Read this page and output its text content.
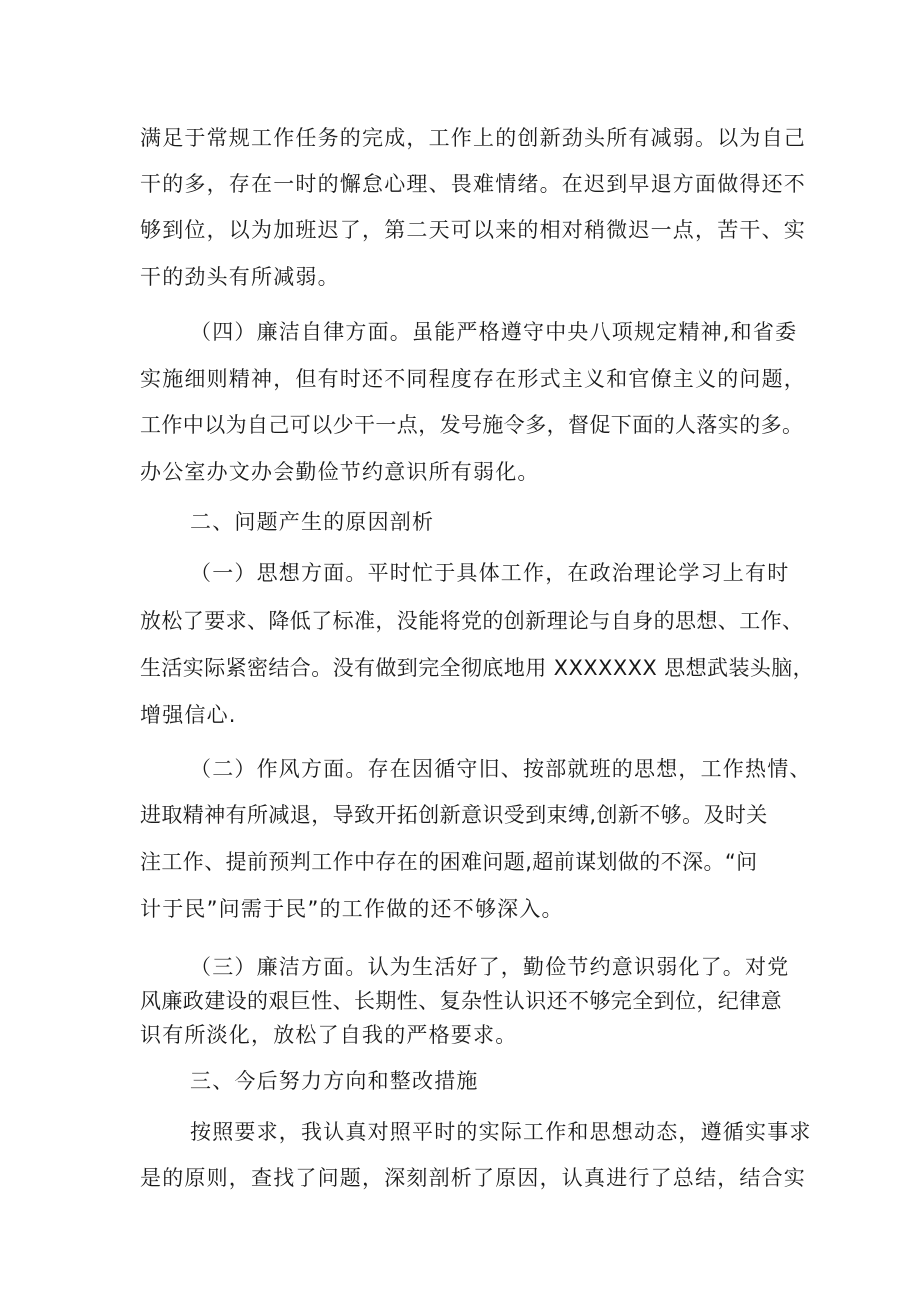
满足于常规工作任务的完成，工作上的创新劲头所有减弱。以为自己
干的多，存在一时的懈怠心理、畏难情绪。在迟到早退方面做得还不
够到位，以为加班迟了，第二天可以来的相对稍微迟一点，苦干、实
干的劲头有所减弱。
（四）廉洁自律方面。虽能严格遵守中央八项规定精神,和省委
实施细则精神，但有时还不同程度存在形式主义和官僚主义的问题，
工作中以为自己可以少干一点，发号施令多，督促下面的人落实的多。
办公室办文办会勤俭节约意识所有弱化。
二、问题产生的原因剖析
（一）思想方面。平时忙于具体工作，在政治理论学习上有时
放松了要求、降低了标准，没能将党的创新理论与自身的思想、工作、
生活实际紧密结合。没有做到完全彻底地用 XXXXXXX 思想武装头脑，
增强信心.
（二）作风方面。存在因循守旧、按部就班的思想，工作热情、
进取精神有所减退，导致开拓创新意识受到束缚,创新不够。及时关
注工作、提前预判工作中存在的困难问题,超前谋划做的不深。“问
计于民”问需于民”的工作做的还不够深入。
（三）廉洁方面。认为生活好了，勤俭节约意识弱化了。对党
风廉政建设的艰巨性、长期性、复杂性认识还不够完全到位，纪律意
识有所淡化，放松了自我的严格要求。
三、今后努力方向和整改措施
按照要求，我认真对照平时的实际工作和思想动态，遵循实事求
是的原则，查找了问题，深刻剖析了原因，认真进行了总结，结合实
